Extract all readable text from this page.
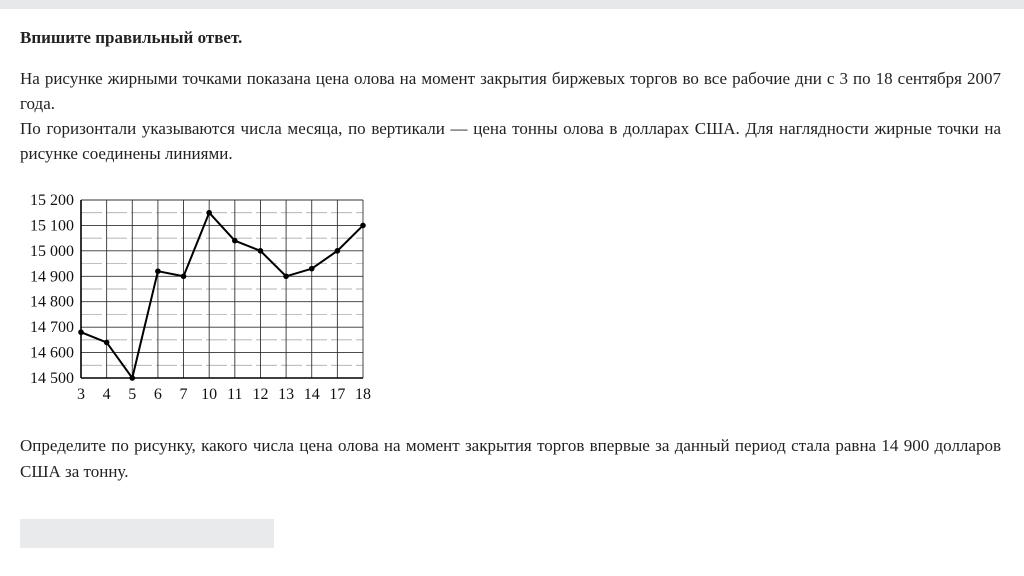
Впишите правильный ответ.

На рисунке жирными точками показана цена олова на момент закрытия биржевых торгов во все рабочие дни с 3 по 18 сентября 2007 года.

По горизонтали указываются числа месяца, по вертикали — цена тонны олова в долларах США. Для наглядности жирные точки на рисунке соединены линиями.

14 500
14 600
14 700
14 800
14 900
15 000
15 100
15 200
3 4 5 6 7 10 11 12 13 14 17 18

Определите по рисунку, какого числа цена олова на момент закрытия торгов впервые за данный период стала равна 14 900 долларов США за тонну.
